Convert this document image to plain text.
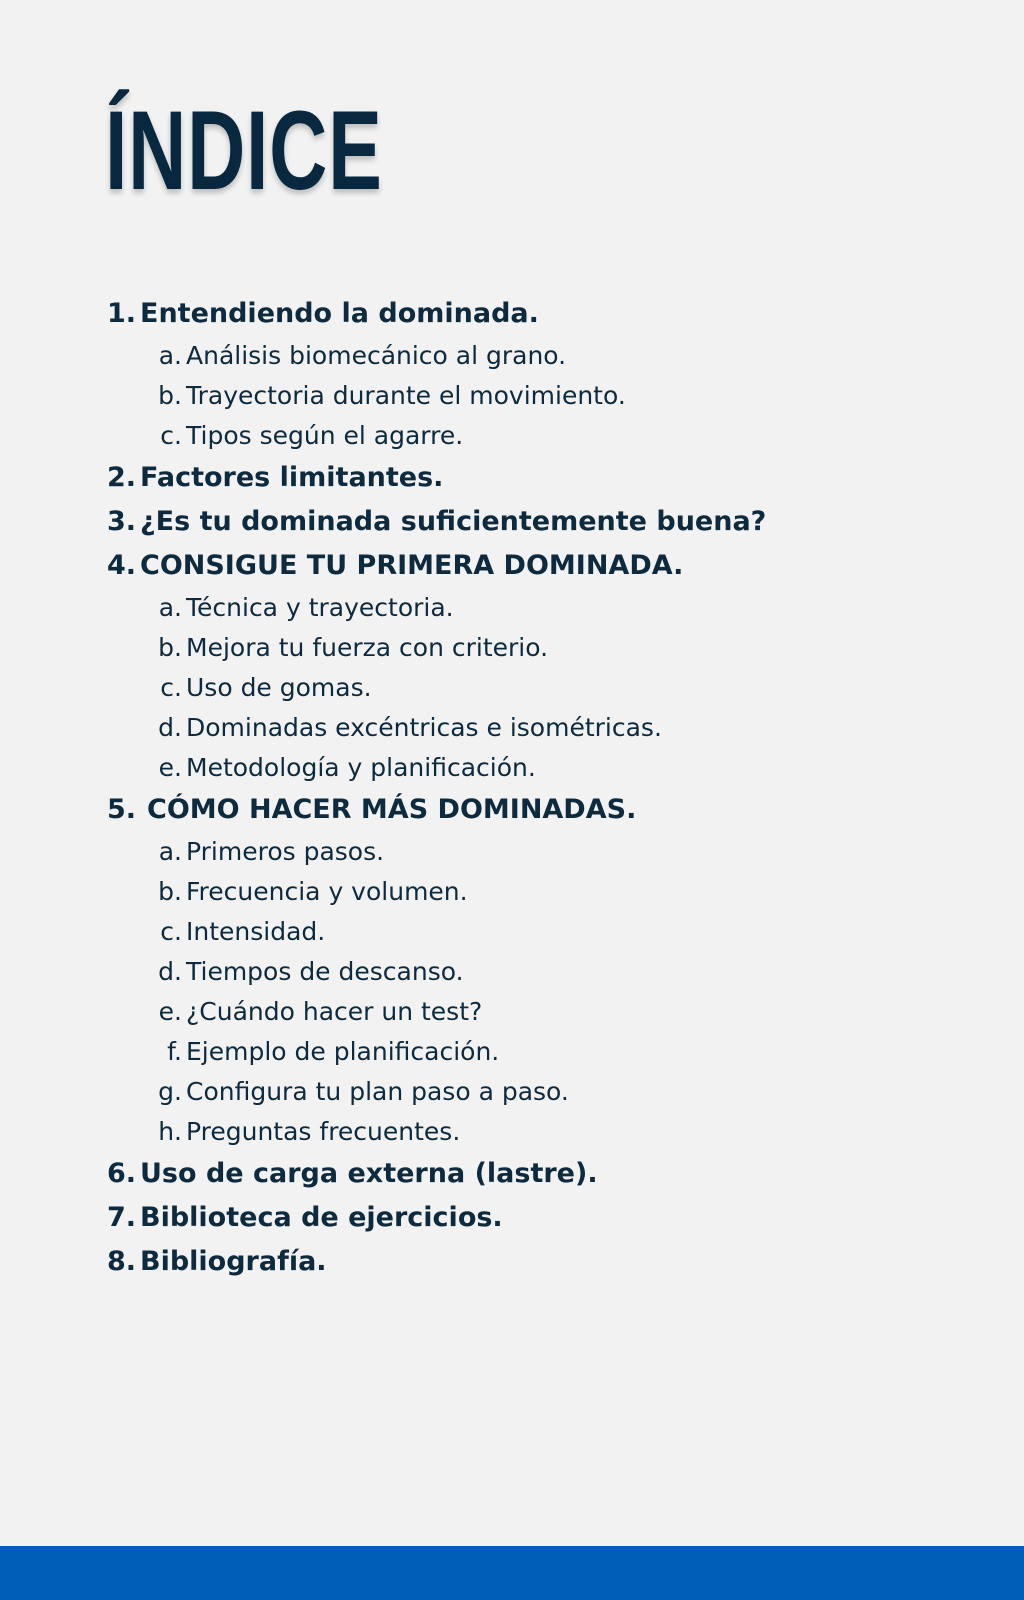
ÍNDICE
1. Entendiendo la dominada.
a. Análisis biomecánico al grano.
b. Trayectoria durante el movimiento.
c. Tipos según el agarre.
2. Factores limitantes.
3. ¿Es tu dominada suficientemente buena?
4. CONSIGUE TU PRIMERA DOMINADA.
a. Técnica y trayectoria.
b. Mejora tu fuerza con criterio.
c. Uso de gomas.
d. Dominadas excéntricas e isométricas.
e. Metodología y planificación.
5. CÓMO HACER MÁS DOMINADAS.
a. Primeros pasos.
b. Frecuencia y volumen.
c. Intensidad.
d. Tiempos de descanso.
e. ¿Cuándo hacer un test?
f. Ejemplo de planificación.
g. Configura tu plan paso a paso.
h. Preguntas frecuentes.
6. Uso de carga externa (lastre).
7. Biblioteca de ejercicios.
8. Bibliografía.
